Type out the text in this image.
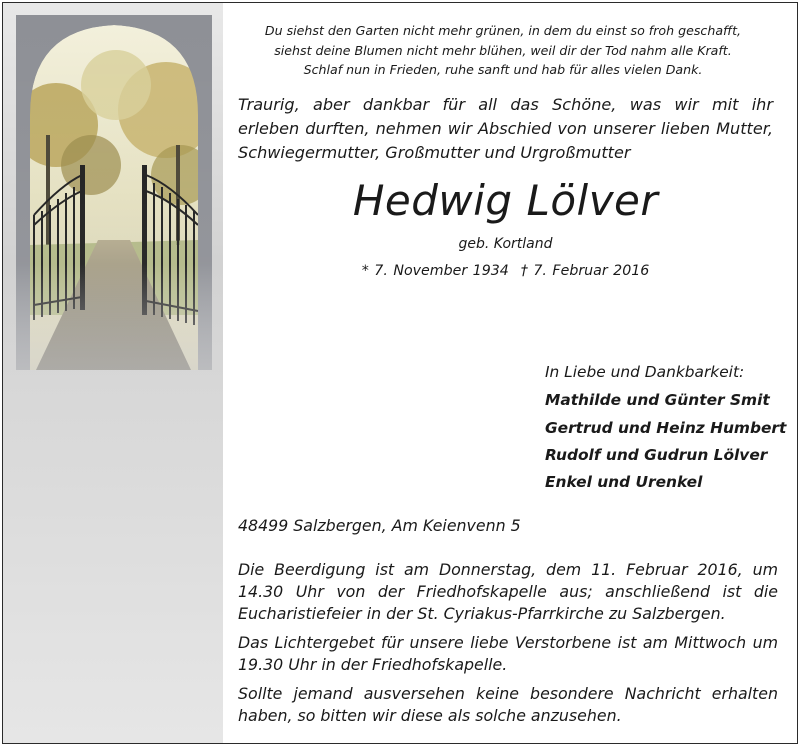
Du siehst den Garten nicht mehr grünen, in dem du einst so froh geschafft,
siehst deine Blumen nicht mehr blühen, weil dir der Tod nahm alle Kraft.
Schlaf nun in Frieden, ruhe sanft und hab für alles vielen Dank.
Traurig, aber dankbar für all das Schöne, was wir mit ihr
erleben durften, nehmen wir Abschied von unserer lieben Mutter,
Schwiegermutter, Großmutter und Urgroßmutter
Hedwig Lölver
geb. Kortland
* 7. November 1934 † 7. Februar 2016
In Liebe und Dankbarkeit:
Mathilde und Günter Smit
Gertrud und Heinz Humbert
Rudolf und Gudrun Lölver
Enkel und Urenkel
48499 Salzbergen, Am Keienvenn 5
Die Beerdigung ist am Donnerstag, dem 11. Februar 2016, um
14.30 Uhr von der Friedhofskapelle aus; anschließend ist die
Eucharistiefeier in der St. Cyriakus-Pfarrkirche zu Salzbergen.
Das Lichtergebet für unsere liebe Verstorbene ist am Mittwoch um
19.30 Uhr in der Friedhofskapelle.
Sollte jemand ausversehen keine besondere Nachricht erhalten
haben, so bitten wir diese als solche anzusehen.
